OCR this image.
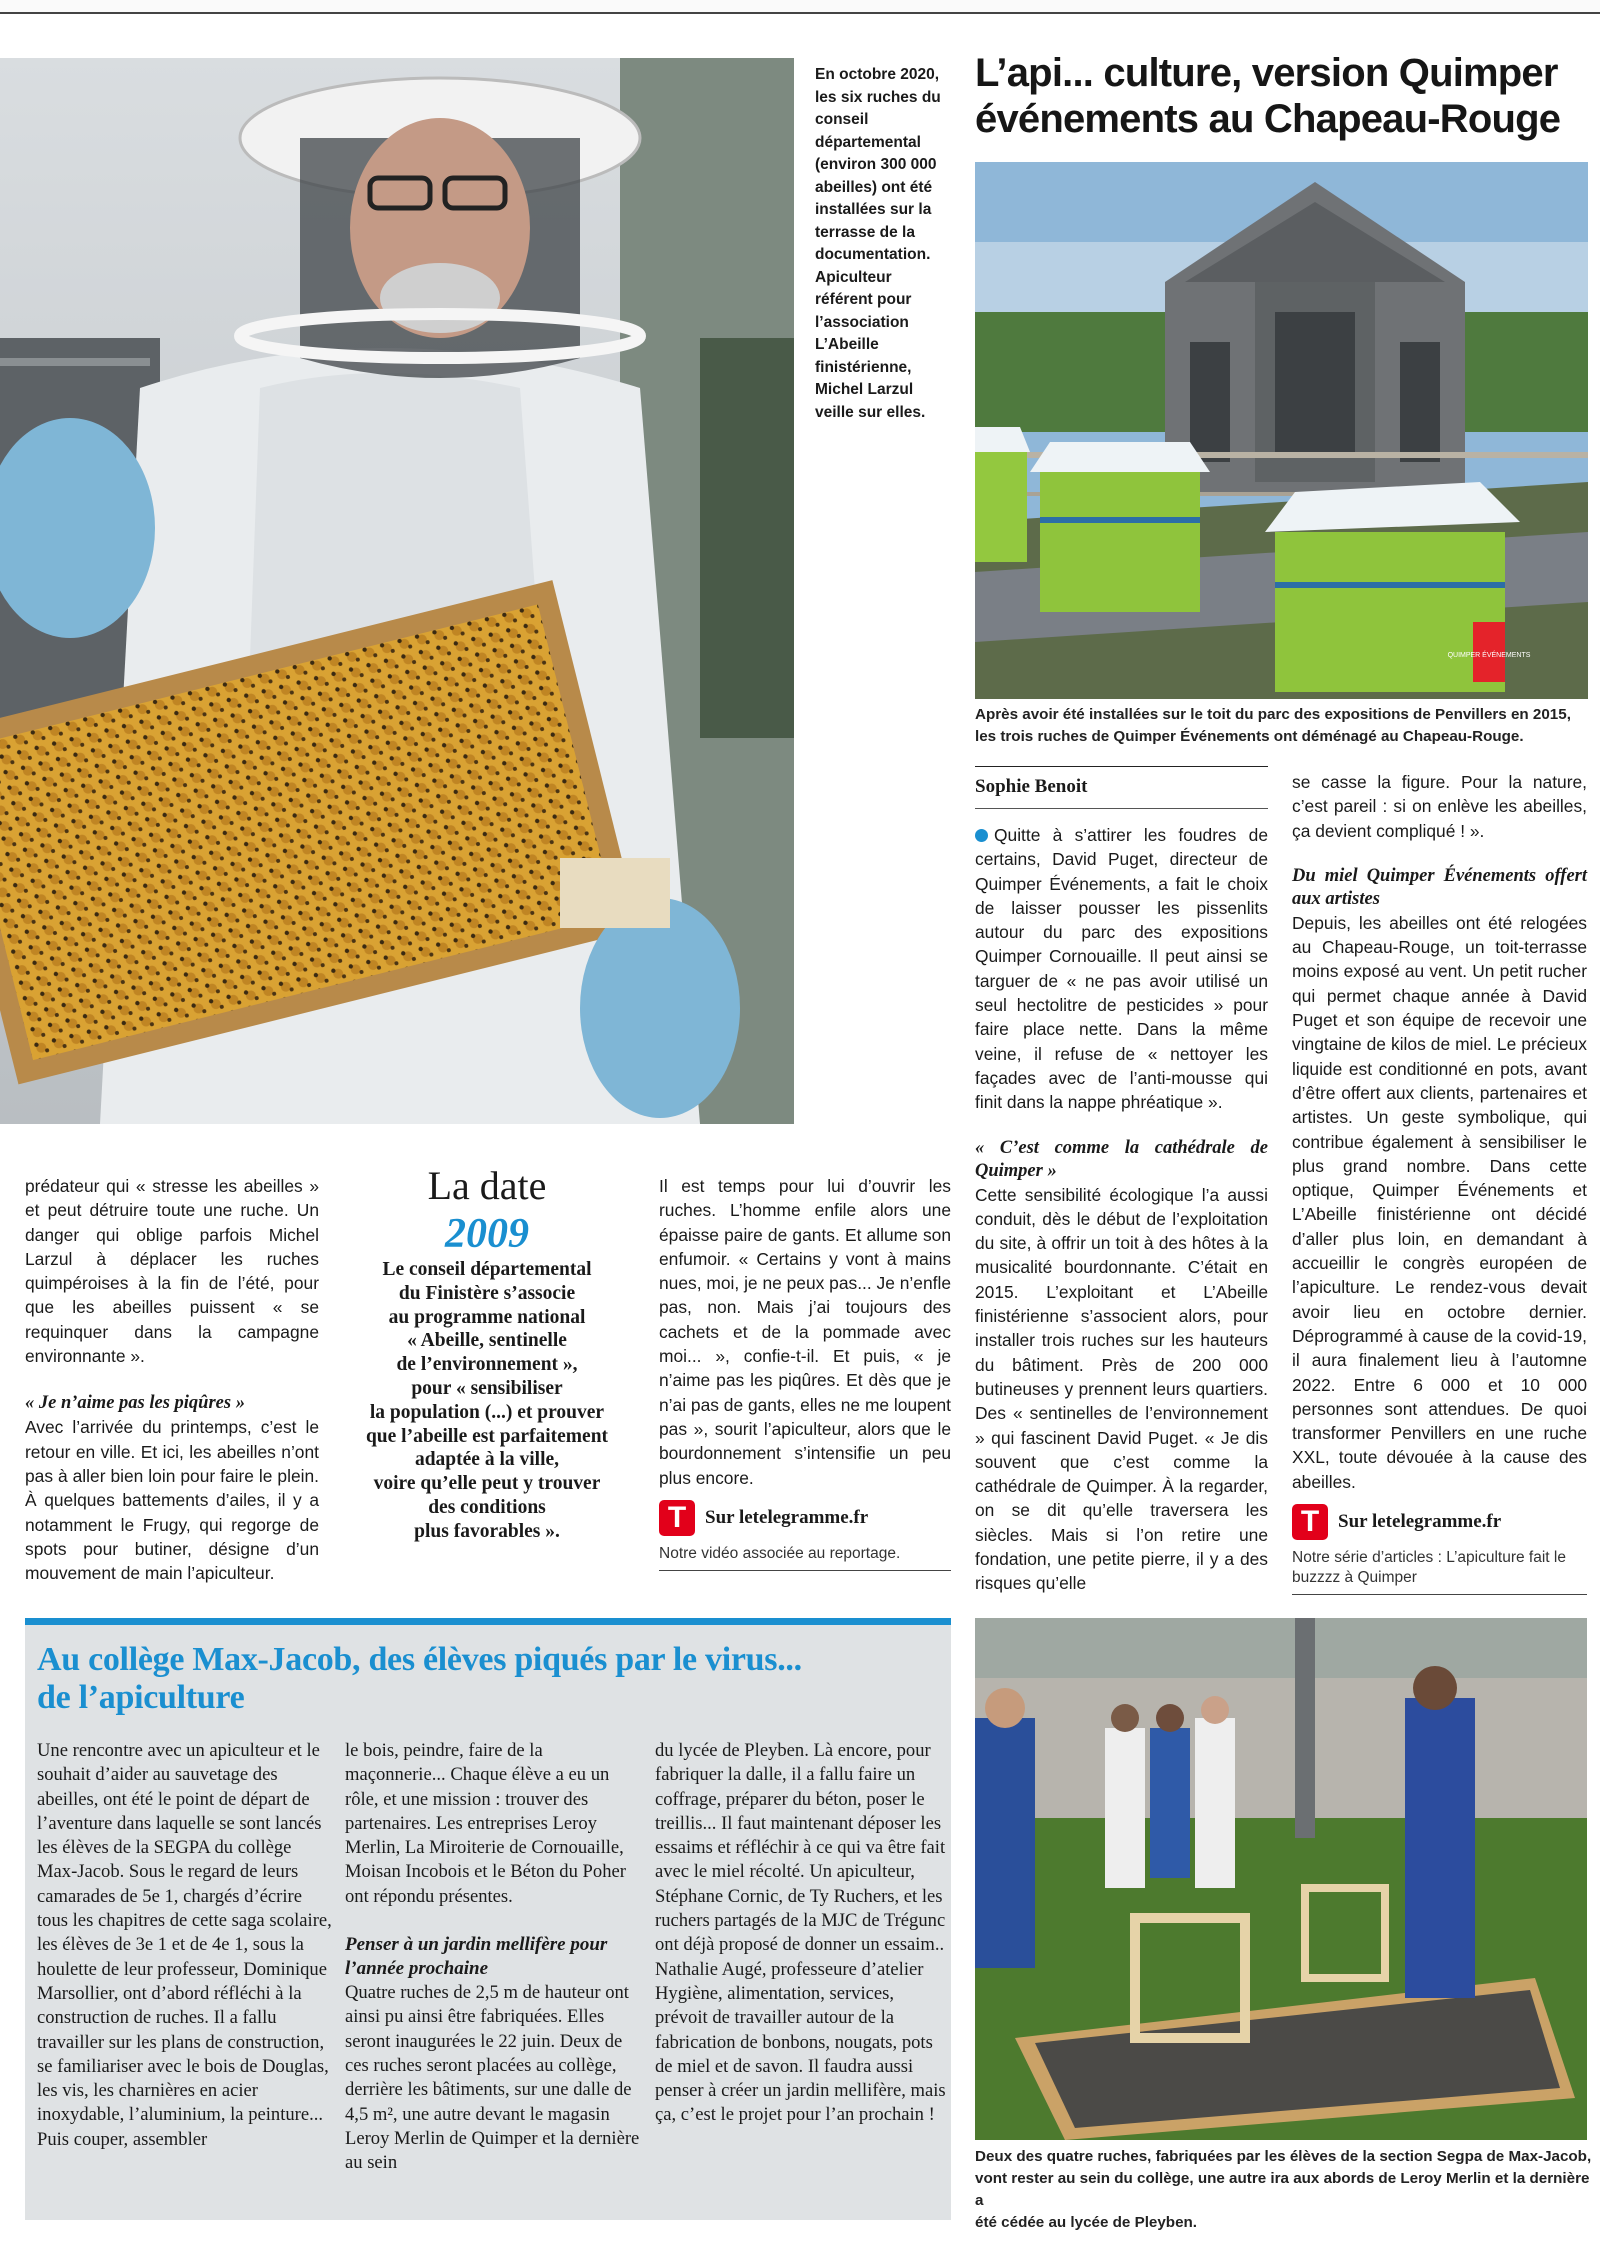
En octobre 2020, les six ruches du conseil départemental (environ 300 000 abeilles) ont été installées sur la terrasse de la documentation. Apiculteur référent pour l’association L’Abeille finistérienne, Michel Larzul veille sur elles.
L’api... culture, version Quimper
événements au Chapeau-Rouge
QUIMPER ÉVÉNEMENTS
Après avoir été installées sur le toit du parc des expositions de Penvillers en 2015,
les trois ruches de Quimper Événements ont déménagé au Chapeau-Rouge.
Sophie Benoit

Quitte à s’attirer les foudres de certains, David Puget, directeur de Quimper Événements, a fait le choix de laisser pousser les pissenlits autour du parc des expositions Quimper Cornouaille. Il peut ainsi se targuer de « ne pas avoir utilisé un seul hectolitre de pesticides » pour faire place nette. Dans la même veine, il refuse de « nettoyer les façades avec de l’anti-mousse qui finit dans la nappe phréatique ».

« C’est comme la cathédrale de Quimper »

Cette sensibilité écologique l’a aussi conduit, dès le début de l’exploitation du site, à offrir un toit à des hôtes à la musicalité bourdonnante. C’était en 2015. L’exploitant et L’Abeille finistérienne s’associent alors, pour installer trois ruches sur les hauteurs du bâtiment. Près de 200 000 butineuses y prennent leurs quartiers. Des « sentinelles de l’environnement » qui fascinent David Puget. « Je dis souvent que c’est comme la cathédrale de Quimper. À la regarder, on se dit qu’elle traversera les siècles. Mais si l’on retire une fondation, une petite pierre, il y a des risques qu’elle

se casse la figure. Pour la nature, c’est pareil : si on enlève les abeilles, ça devient compliqué ! ».

Du miel Quimper Événements offert aux artistes

Depuis, les abeilles ont été relogées au Chapeau-Rouge, un toit-terrasse moins exposé au vent. Un petit rucher qui permet chaque année à David Puget et son équipe de recevoir une vingtaine de kilos de miel. Le précieux liquide est conditionné en pots, avant d’être offert aux clients, partenaires et artistes. Un geste symbolique, qui contribue également à sensibiliser le plus grand nombre. Dans cette optique, Quimper Événements et L’Abeille finistérienne ont décidé d’aller plus loin, en demandant à accueillir le congrès européen de l’apiculture. Le rendez-vous devait avoir lieu en octobre dernier. Déprogrammé à cause de la covid-19, il aura finalement lieu à l’automne 2022. Entre 6 000 et 10 000 personnes sont attendues. De quoi transformer Penvillers en une ruche XXL, toute dévouée à la cause des abeilles.

T Sur letelegramme.fr
Notre série d’articles : L’apiculture fait le buzzzz à Quimper

prédateur qui « stresse les abeilles » et peut détruire toute une ruche. Un danger qui oblige parfois Michel Larzul à déplacer les ruches quimpéroises à la fin de l’été, pour que les abeilles puissent « se requinquer dans la campagne environnante ».

« Je n’aime pas les piqûres »

Avec l’arrivée du printemps, c’est le retour en ville. Et ici, les abeilles n’ont pas à aller bien loin pour faire le plein. À quelques battements d’ailes, il y a notamment le Frugy, qui regorge de spots pour butiner, désigne d’un mouvement de main l’apiculteur.

La date
2009
Le conseil départemental
du Finistère s’associe
au programme national
« Abeille, sentinelle
de l’environnement »,
pour « sensibiliser
la population (...) et prouver
que l’abeille est parfaitement
adaptée à la ville,
voire qu’elle peut y trouver
des conditions
plus favorables ».

Il est temps pour lui d’ouvrir les ruches. L’homme enfile alors une épaisse paire de gants. Et allume son enfumoir. « Certains y vont à mains nues, moi, je ne peux pas... Je n’enfle pas, non. Mais j’ai toujours des cachets et de la pommade avec moi... », confie-t-il. Et puis, « je n’aime pas les piqûres. Et dès que je n’ai pas de gants, elles ne me loupent pas », sourit l’apiculteur, alors que le bourdonnement s’intensifie un peu plus encore.

T Sur letelegramme.fr
Notre vidéo associée au reportage.
Au collège Max-Jacob, des élèves piqués par le virus...
de l’apiculture

Une rencontre avec un apiculteur et le souhait d’aider au sauvetage des abeilles, ont été le point de départ de l’aventure dans laquelle se sont lancés les élèves de la SEGPA du collège Max-Jacob. Sous le regard de leurs camarades de 5e 1, chargés d’écrire tous les chapitres de cette saga scolaire, les élèves de 3e 1 et de 4e 1, sous la houlette de leur professeur, Dominique Marsollier, ont d’abord réfléchi à la construction de ruches. Il a fallu travailler sur les plans de construction, se familiariser avec le bois de Douglas, les vis, les charnières en acier inoxydable, l’aluminium, la peinture... Puis couper, assembler

le bois, peindre, faire de la maçonnerie... Chaque élève a eu un rôle, et une mission : trouver des partenaires. Les entreprises Leroy Merlin, La Miroiterie de Cornouaille, Moisan Incobois et le Béton du Poher ont répondu présentes.

Penser à un jardin mellifère pour l’année prochaine

Quatre ruches de 2,5 m de hauteur ont ainsi pu ainsi être fabriquées. Elles seront inaugurées le 22 juin. Deux de ces ruches seront placées au collège, derrière les bâtiments, sur une dalle de 4,5 m², une autre devant le magasin Leroy Merlin de Quimper et la dernière au sein

du lycée de Pleyben. Là encore, pour fabriquer la dalle, il a fallu faire un coffrage, préparer du béton, poser le treillis... Il faut maintenant déposer les essaims et réfléchir à ce qui va être fait avec le miel récolté. Un apiculteur, Stéphane Cornic, de Ty Ruchers, et les ruchers partagés de la MJC de Trégunc ont déjà proposé de donner un essaim.. Nathalie Augé, professeure d’atelier Hygiène, alimentation, services, prévoit de travailler autour de la fabrication de bonbons, nougats, pots de miel et de savon. Il faudra aussi penser à créer un jardin mellifère, mais ça, c’est le projet pour l’an prochain !

Deux des quatre ruches, fabriquées par les élèves de la section Segpa de Max-Jacob,
vont rester au sein du collège, une autre ira aux abords de Leroy Merlin et la dernière a
été cédée au lycée de Pleyben.
